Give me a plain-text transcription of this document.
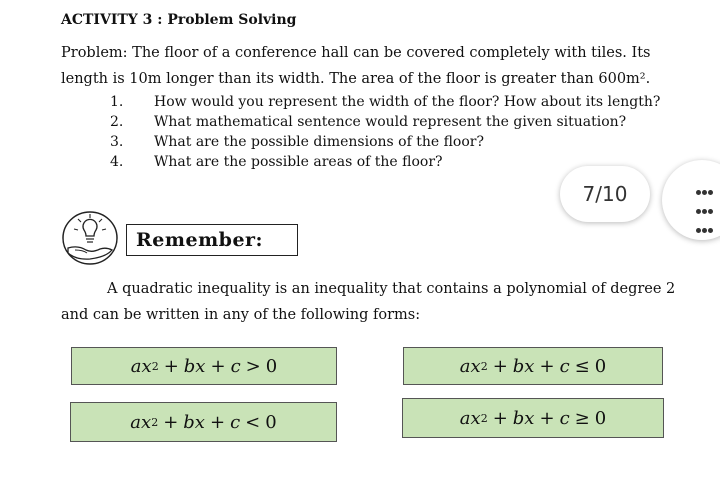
ACTIVITY 3 : Problem Solving
Problem: The floor of a conference hall can be covered completely with tiles. Its length is 10m longer than its width. The area of the floor is greater than 600m².
1.	How would you represent the width of the floor? How about its length?
2.	What mathematical sentence would represent the given situation?
3.	What are the possible dimensions of the floor?
4.	What are the possible areas of the floor?
7/10
Remember:
A quadratic inequality is an inequality that contains a polynomial of degree 2 and can be written in any of the following forms:
ax 2 + bx + c > 0	ax 2 + bx + c ≤ 0
ax 2 + bx + c < 0	ax 2 + bx + c ≥ 0
